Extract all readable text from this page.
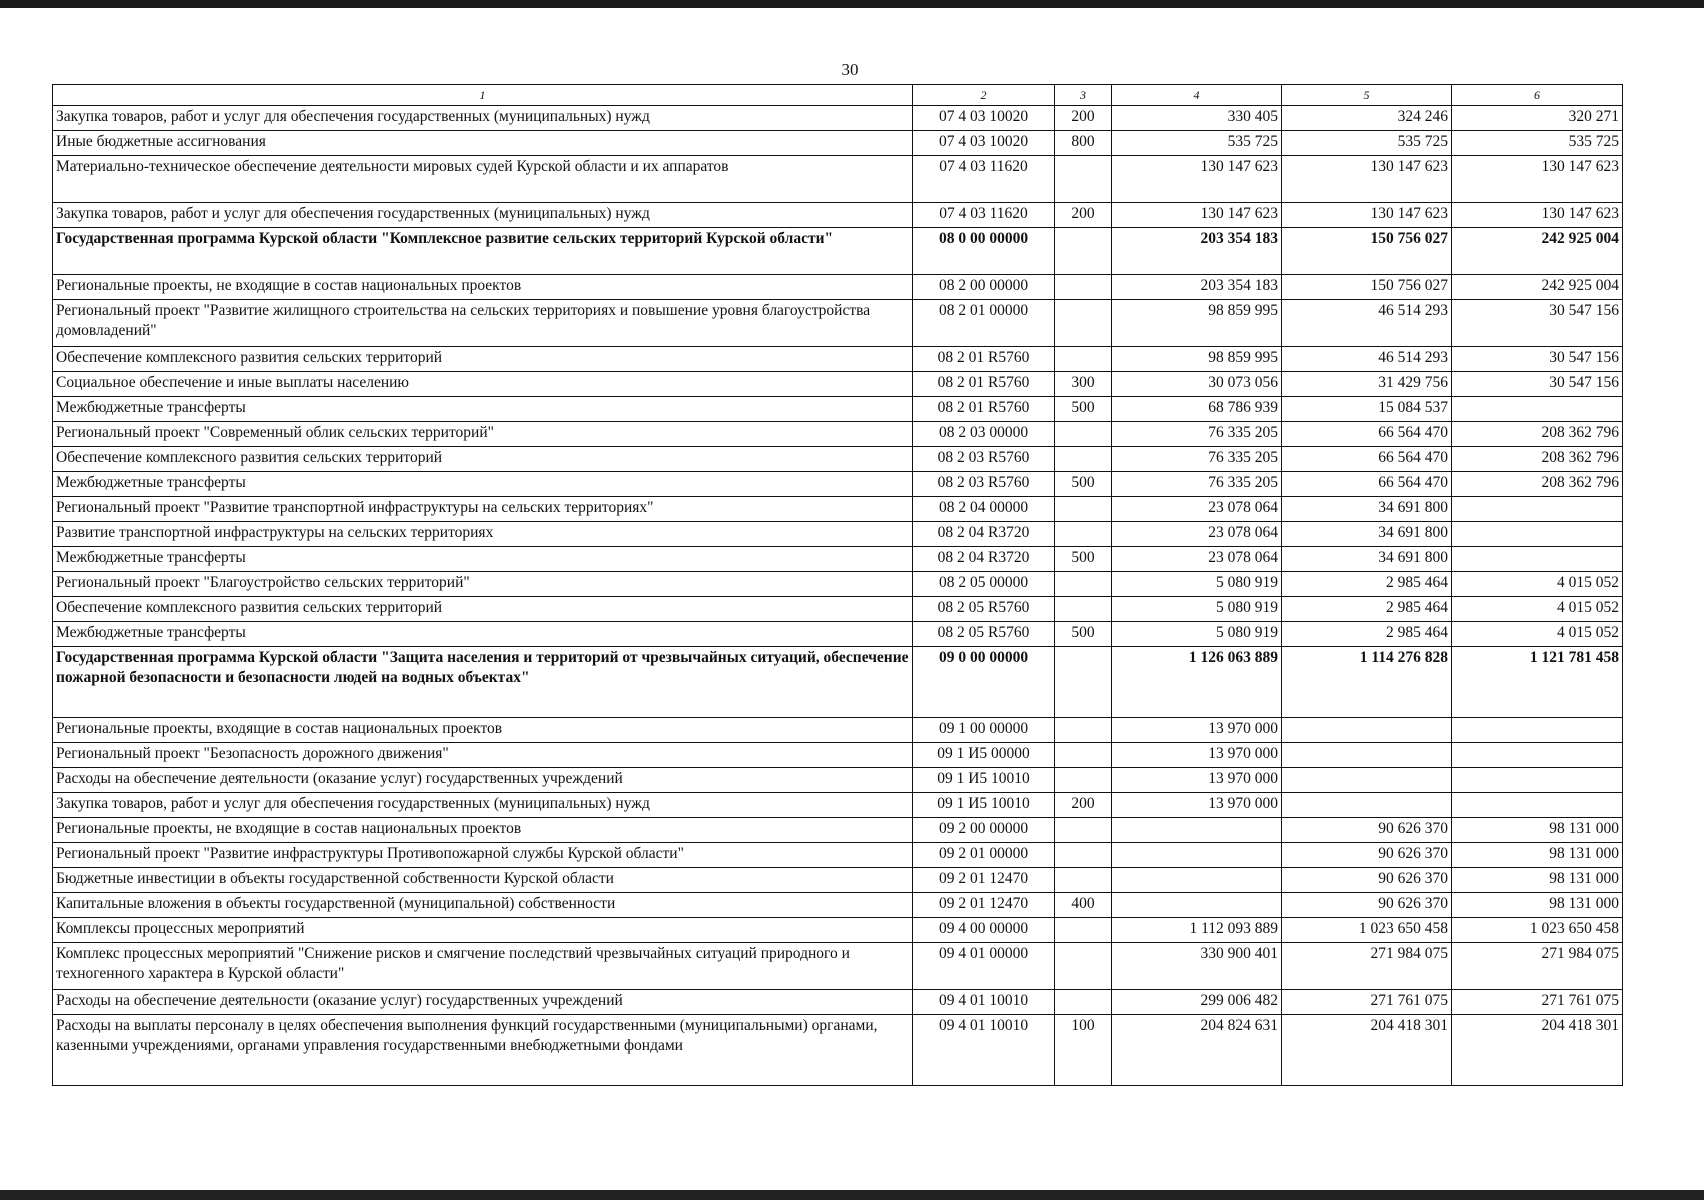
30
1	2	3	4	5	6
Закупка товаров, работ и услуг для обеспечения государственных (муниципальных) нужд	07 4 03 10020	200	330 405	324 246	320 271
Иные бюджетные ассигнования	07 4 03 10020	800	535 725	535 725	535 725
Материально-техническое обеспечение деятельности мировых судей Курской области и их аппаратов	07 4 03 11620		130 147 623	130 147 623	130 147 623
Закупка товаров, работ и услуг для обеспечения государственных (муниципальных) нужд	07 4 03 11620	200	130 147 623	130 147 623	130 147 623
Государственная программа Курской области "Комплексное развитие сельских территорий Курской области"	08 0 00 00000		203 354 183	150 756 027	242 925 004
Региональные проекты, не входящие в состав национальных проектов	08 2 00 00000		203 354 183	150 756 027	242 925 004
Региональный проект "Развитие жилищного строительства на сельских территориях и повышение уровня благоустройства домовладений"	08 2 01 00000		98 859 995	46 514 293	30 547 156
Обеспечение комплексного развития сельских территорий	08 2 01 R5760		98 859 995	46 514 293	30 547 156
Социальное обеспечение и иные выплаты населению	08 2 01 R5760	300	30 073 056	31 429 756	30 547 156
Межбюджетные трансферты	08 2 01 R5760	500	68 786 939	15 084 537	
Региональный проект "Современный облик сельских территорий"	08 2 03 00000		76 335 205	66 564 470	208 362 796
Обеспечение комплексного развития сельских территорий	08 2 03 R5760		76 335 205	66 564 470	208 362 796
Межбюджетные трансферты	08 2 03 R5760	500	76 335 205	66 564 470	208 362 796
Региональный проект "Развитие транспортной инфраструктуры на сельских территориях"	08 2 04 00000		23 078 064	34 691 800	
Развитие транспортной инфраструктуры на сельских территориях	08 2 04 R3720		23 078 064	34 691 800	
Межбюджетные трансферты	08 2 04 R3720	500	23 078 064	34 691 800	
Региональный проект "Благоустройство сельских территорий"	08 2 05 00000		5 080 919	2 985 464	4 015 052
Обеспечение комплексного развития сельских территорий	08 2 05 R5760		5 080 919	2 985 464	4 015 052
Межбюджетные трансферты	08 2 05 R5760	500	5 080 919	2 985 464	4 015 052
Государственная программа Курской области "Защита населения и территорий от чрезвычайных ситуаций, обеспечение пожарной безопасности и безопасности людей на водных объектах"	09 0 00 00000		1 126 063 889	1 114 276 828	1 121 781 458
Региональные проекты, входящие в состав национальных проектов	09 1 00 00000		13 970 000		
Региональный проект "Безопасность дорожного движения"	09 1 И5 00000		13 970 000		
Расходы на обеспечение деятельности (оказание услуг) государственных учреждений	09 1 И5 10010		13 970 000		
Закупка товаров, работ и услуг для обеспечения государственных (муниципальных) нужд	09 1 И5 10010	200	13 970 000		
Региональные проекты, не входящие в состав национальных проектов	09 2 00 00000			90 626 370	98 131 000
Региональный проект "Развитие инфраструктуры Противопожарной службы Курской области"	09 2 01 00000			90 626 370	98 131 000
Бюджетные инвестиции в объекты государственной собственности Курской области	09 2 01 12470			90 626 370	98 131 000
Капитальные вложения в объекты государственной (муниципальной) собственности	09 2 01 12470	400		90 626 370	98 131 000
Комплексы процессных мероприятий	09 4 00 00000		1 112 093 889	1 023 650 458	1 023 650 458
Комплекс процессных мероприятий "Снижение рисков и смягчение последствий чрезвычайных ситуаций природного и техногенного характера в Курской области"	09 4 01 00000		330 900 401	271 984 075	271 984 075
Расходы на обеспечение деятельности (оказание услуг) государственных учреждений	09 4 01 10010		299 006 482	271 761 075	271 761 075
Расходы на выплаты персоналу в целях обеспечения выполнения функций государственными (муниципальными) органами, казенными учреждениями, органами управления государственными внебюджетными фондами	09 4 01 10010	100	204 824 631	204 418 301	204 418 301
